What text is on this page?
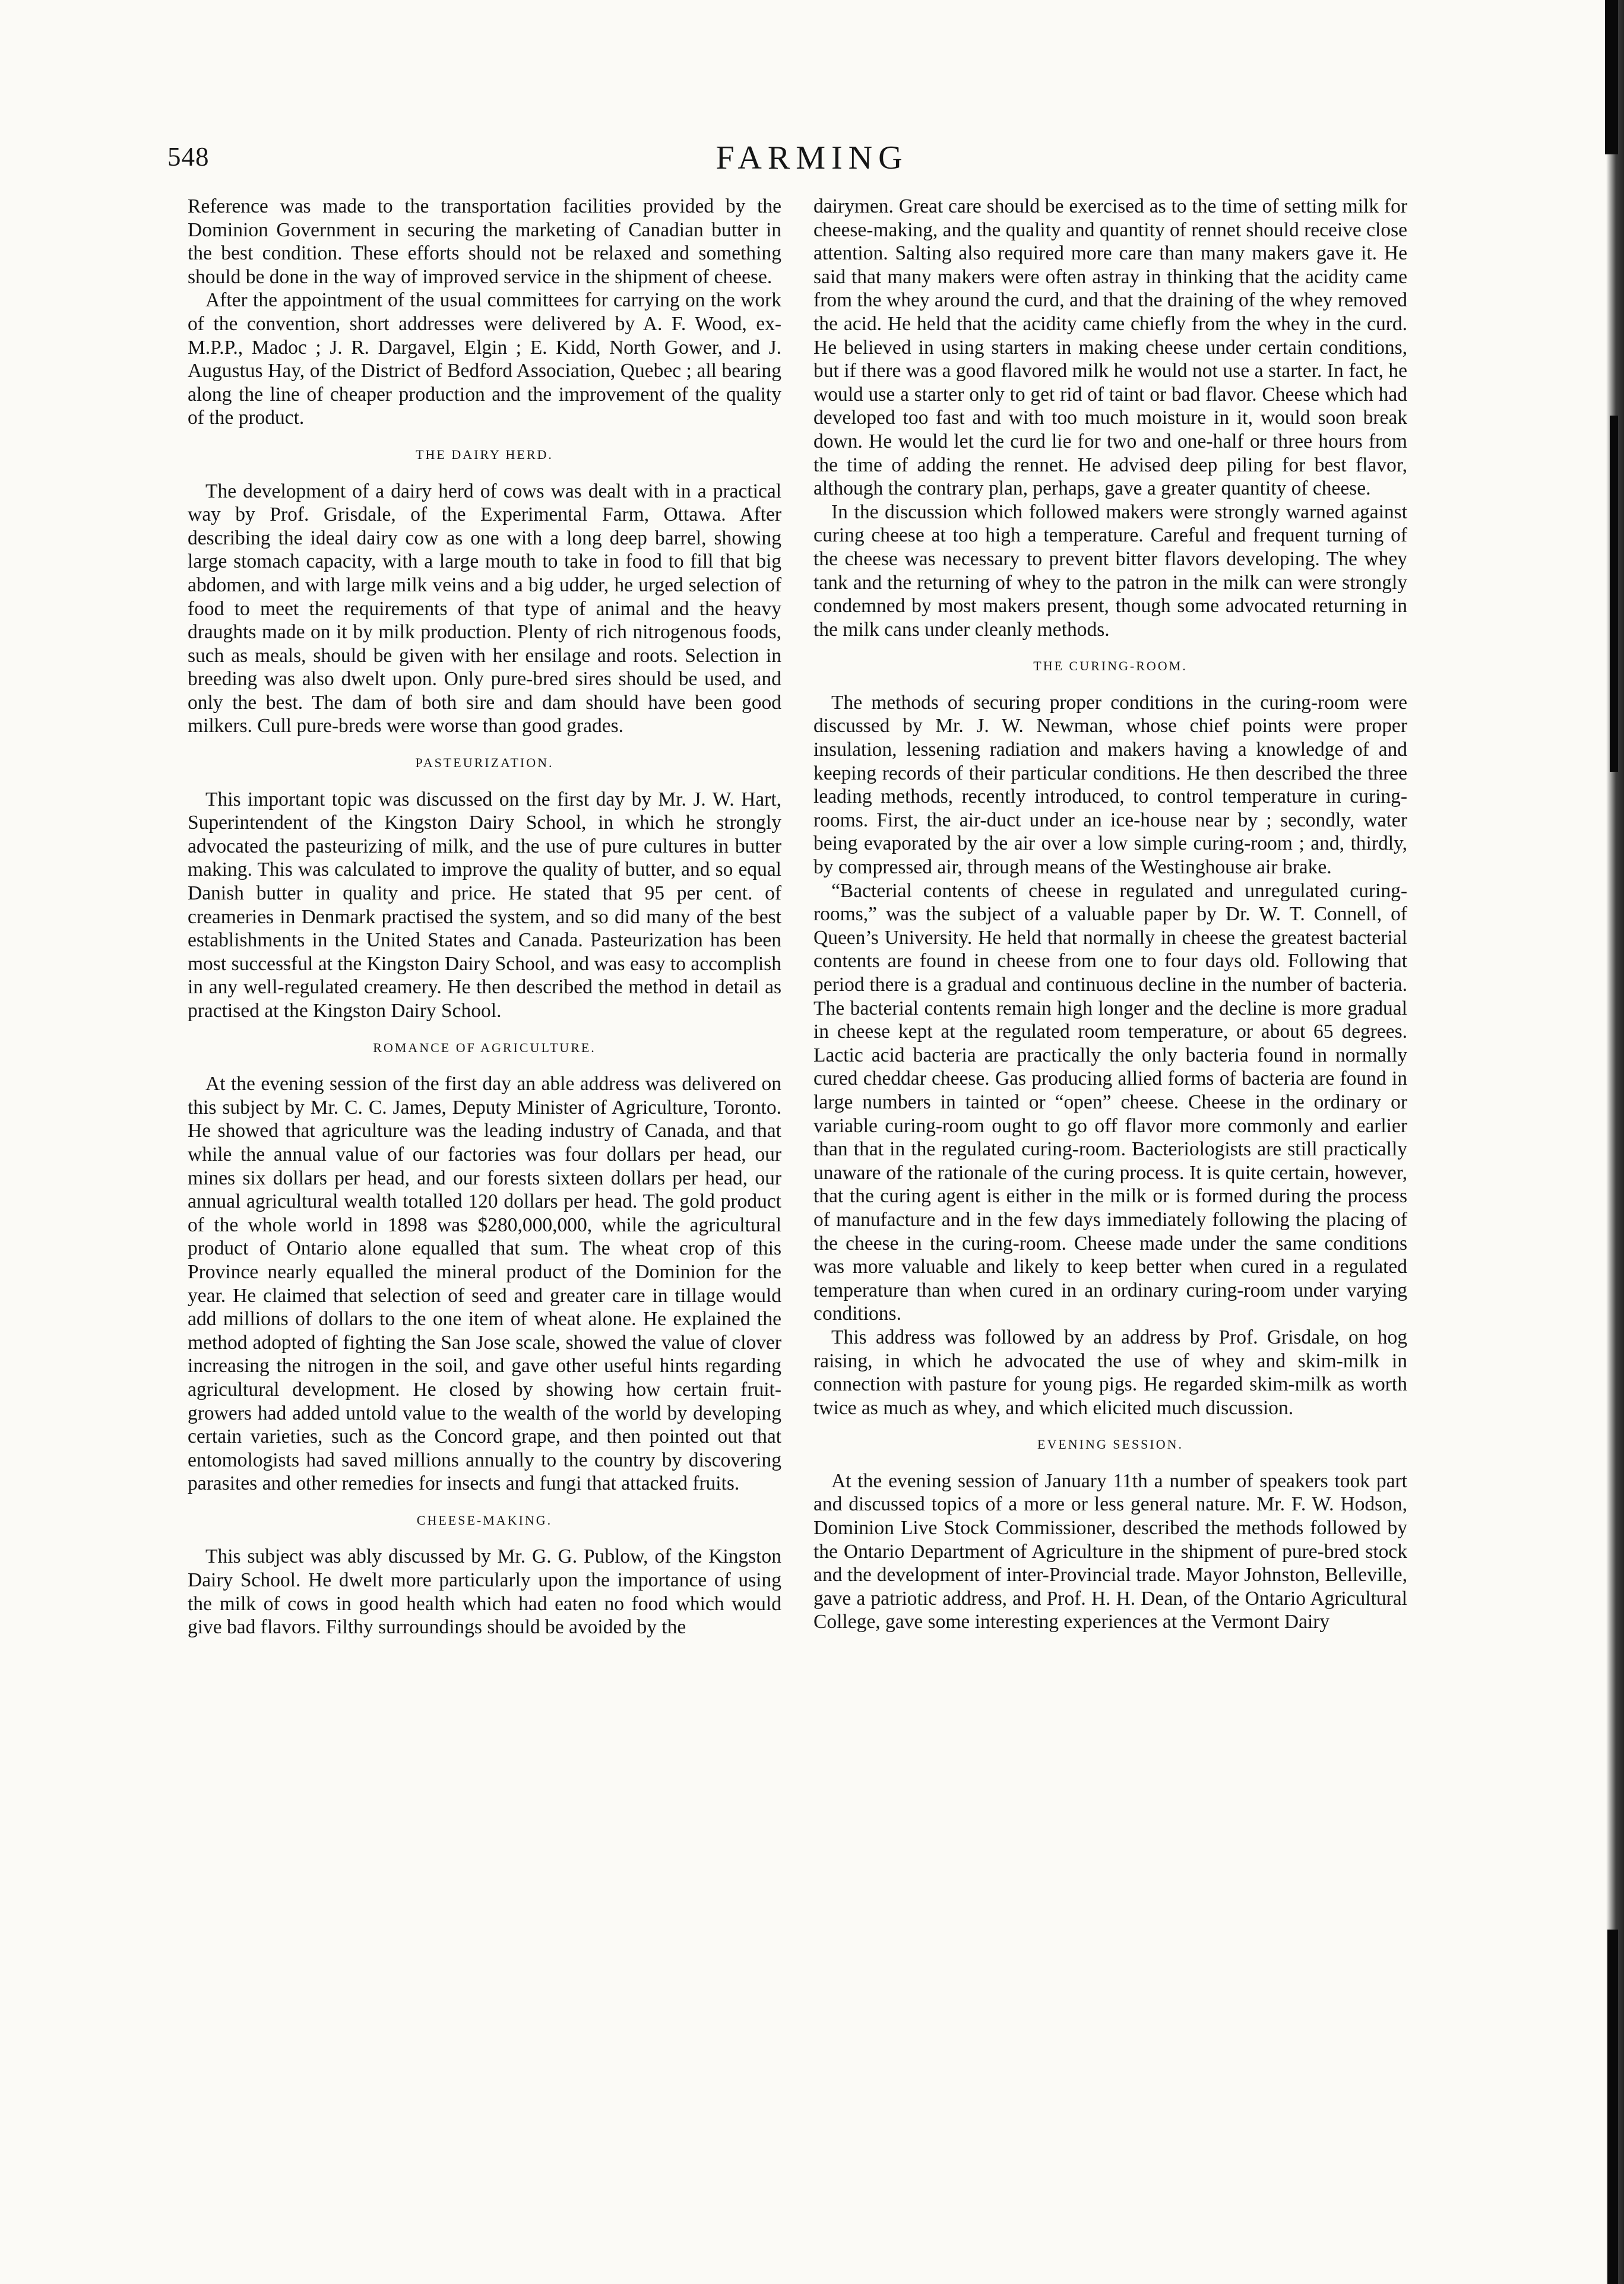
548	FARMING

Reference was made to the transportation facilities provided by the Dominion Government in securing the marketing of Canadian butter in the best condition. These efforts should not be relaxed and something should be done in the way of improved service in the shipment of cheese.

After the appointment of the usual committees for carrying on the work of the convention, short addresses were delivered by A. F. Wood, ex-M.P.P., Madoc ; J. R. Dargavel, Elgin ; E. Kidd, North Gower, and J. Augustus Hay, of the District of Bedford Association, Quebec ; all bearing along the line of cheaper production and the improvement of the quality of the product.

THE DAIRY HERD.

The development of a dairy herd of cows was dealt with in a practical way by Prof. Grisdale, of the Experimental Farm, Ottawa. After describing the ideal dairy cow as one with a long deep barrel, showing large stomach capacity, with a large mouth to take in food to fill that big abdomen, and with large milk veins and a big udder, he urged selection of food to meet the requirements of that type of animal and the heavy draughts made on it by milk production. Plenty of rich nitrogenous foods, such as meals, should be given with her ensilage and roots. Selection in breeding was also dwelt upon. Only pure-bred sires should be used, and only the best. The dam of both sire and dam should have been good milkers. Cull pure-breds were worse than good grades.

PASTEURIZATION.

This important topic was discussed on the first day by Mr. J. W. Hart, Superintendent of the Kingston Dairy School, in which he strongly advocated the pasteurizing of milk, and the use of pure cultures in butter making. This was calculated to improve the quality of butter, and so equal Danish butter in quality and price. He stated that 95 per cent. of creameries in Denmark practised the system, and so did many of the best establishments in the United States and Canada. Pasteurization has been most successful at the Kingston Dairy School, and was easy to accomplish in any well-regulated creamery. He then described the method in detail as practised at the Kingston Dairy School.

ROMANCE OF AGRICULTURE.

At the evening session of the first day an able address was delivered on this subject by Mr. C. C. James, Deputy Minister of Agriculture, Toronto. He showed that agriculture was the leading industry of Canada, and that while the annual value of our factories was four dollars per head, our mines six dollars per head, and our forests sixteen dollars per head, our annual agricultural wealth totalled 120 dollars per head. The gold product of the whole world in 1898 was $280,000,000, while the agricultural product of Ontario alone equalled that sum. The wheat crop of this Province nearly equalled the mineral product of the Dominion for the year. He claimed that selection of seed and greater care in tillage would add millions of dollars to the one item of wheat alone. He explained the method adopted of fighting the San Jose scale, showed the value of clover increasing the nitrogen in the soil, and gave other useful hints regarding agricultural development. He closed by showing how certain fruit-growers had added untold value to the wealth of the world by developing certain varieties, such as the Concord grape, and then pointed out that entomologists had saved millions annually to the country by discovering parasites and other remedies for insects and fungi that attacked fruits.

CHEESE-MAKING.

This subject was ably discussed by Mr. G. G. Publow, of the Kingston Dairy School. He dwelt more particularly upon the importance of using the milk of cows in good health which had eaten no food which would give bad flavors. Filthy surroundings should be avoided by the

dairymen. Great care should be exercised as to the time of setting milk for cheese-making, and the quality and quantity of rennet should receive close attention. Salting also required more care than many makers gave it. He said that many makers were often astray in thinking that the acidity came from the whey around the curd, and that the draining of the whey removed the acid. He held that the acidity came chiefly from the whey in the curd. He believed in using starters in making cheese under certain conditions, but if there was a good flavored milk he would not use a starter. In fact, he would use a starter only to get rid of taint or bad flavor. Cheese which had developed too fast and with too much moisture in it, would soon break down. He would let the curd lie for two and one-half or three hours from the time of adding the rennet. He advised deep piling for best flavor, although the contrary plan, perhaps, gave a greater quantity of cheese.

In the discussion which followed makers were strongly warned against curing cheese at too high a temperature. Careful and frequent turning of the cheese was necessary to prevent bitter flavors developing. The whey tank and the returning of whey to the patron in the milk can were strongly condemned by most makers present, though some advocated returning in the milk cans under cleanly methods.

THE CURING-ROOM.

The methods of securing proper conditions in the curing-room were discussed by Mr. J. W. Newman, whose chief points were proper insulation, lessening radiation and makers having a knowledge of and keeping records of their particular conditions. He then described the three leading methods, recently introduced, to control temperature in curing-rooms. First, the air-duct under an ice-house near by ; secondly, water being evaporated by the air over a low simple curing-room ; and, thirdly, by compressed air, through means of the Westinghouse air brake.

“Bacterial contents of cheese in regulated and unregulated curing-rooms,” was the subject of a valuable paper by Dr. W. T. Connell, of Queen’s University. He held that normally in cheese the greatest bacterial contents are found in cheese from one to four days old. Following that period there is a gradual and continuous decline in the number of bacteria. The bacterial contents remain high longer and the decline is more gradual in cheese kept at the regulated room temperature, or about 65 degrees. Lactic acid bacteria are practically the only bacteria found in normally cured cheddar cheese. Gas producing allied forms of bacteria are found in large numbers in tainted or “open” cheese. Cheese in the ordinary or variable curing-room ought to go off flavor more commonly and earlier than that in the regulated curing-room. Bacteriologists are still practically unaware of the rationale of the curing process. It is quite certain, however, that the curing agent is either in the milk or is formed during the process of manufacture and in the few days immediately following the placing of the cheese in the curing-room. Cheese made under the same conditions was more valuable and likely to keep better when cured in a regulated temperature than when cured in an ordinary curing-room under varying conditions.

This address was followed by an address by Prof. Grisdale, on hog raising, in which he advocated the use of whey and skim-milk in connection with pasture for young pigs. He regarded skim-milk as worth twice as much as whey, and which elicited much discussion.

EVENING SESSION.

At the evening session of January 11th a number of speakers took part and discussed topics of a more or less general nature. Mr. F. W. Hodson, Dominion Live Stock Commissioner, described the methods followed by the Ontario Department of Agriculture in the shipment of pure-bred stock and the development of inter-Provincial trade. Mayor Johnston, Belleville, gave a patriotic address, and Prof. H. H. Dean, of the Ontario Agricultural College, gave some interesting experiences at the Vermont Dairy
